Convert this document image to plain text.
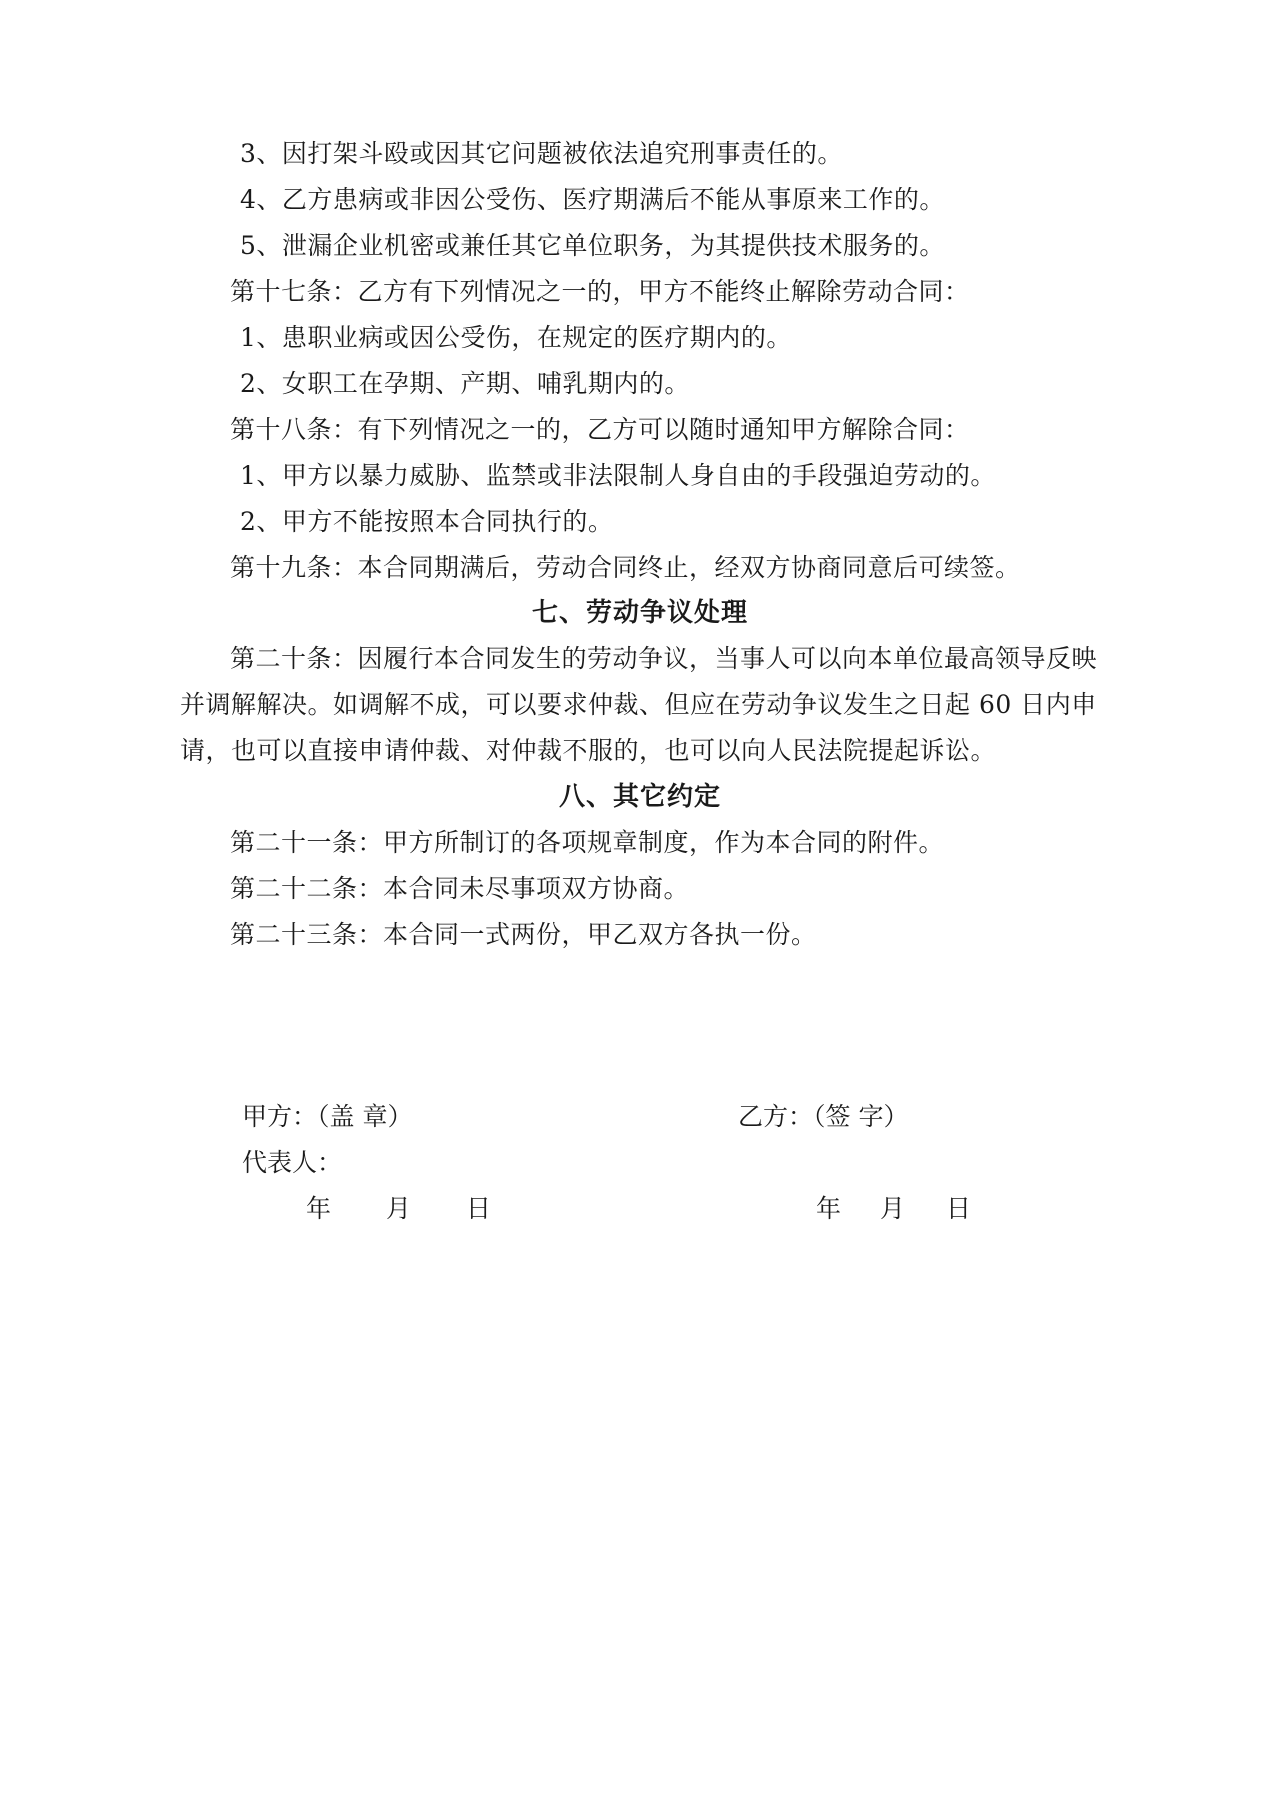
3、因打架斗殴或因其它问题被依法追究刑事责任的。
4、乙方患病或非因公受伤、医疗期满后不能从事原来工作的。
5、泄漏企业机密或兼任其它单位职务，为其提供技术服务的。
第十七条：乙方有下列情况之一的，甲方不能终止解除劳动合同：
1、患职业病或因公受伤，在规定的医疗期内的。
2、女职工在孕期、产期、哺乳期内的。
第十八条：有下列情况之一的，乙方可以随时通知甲方解除合同：
1、甲方以暴力威胁、监禁或非法限制人身自由的手段强迫劳动的。
2、甲方不能按照本合同执行的。
第十九条：本合同期满后，劳动合同终止，经双方协商同意后可续签。
七、劳动争议处理
第二十条：因履行本合同发生的劳动争议，当事人可以向本单位最高领导反映
并调解解决。如调解不成，可以要求仲裁、但应在劳动争议发生之日起 60 日内申
请，也可以直接申请仲裁、对仲裁不服的，也可以向人民法院提起诉讼。
八、其它约定
第二十一条：甲方所制订的各项规章制度，作为本合同的附件。
第二十二条：本合同未尽事项双方协商。
第二十三条：本合同一式两份，甲乙双方各执一份。
甲方：（盖 章）	乙方：（签 字）
代表人：
年 月 日	年 月 日
